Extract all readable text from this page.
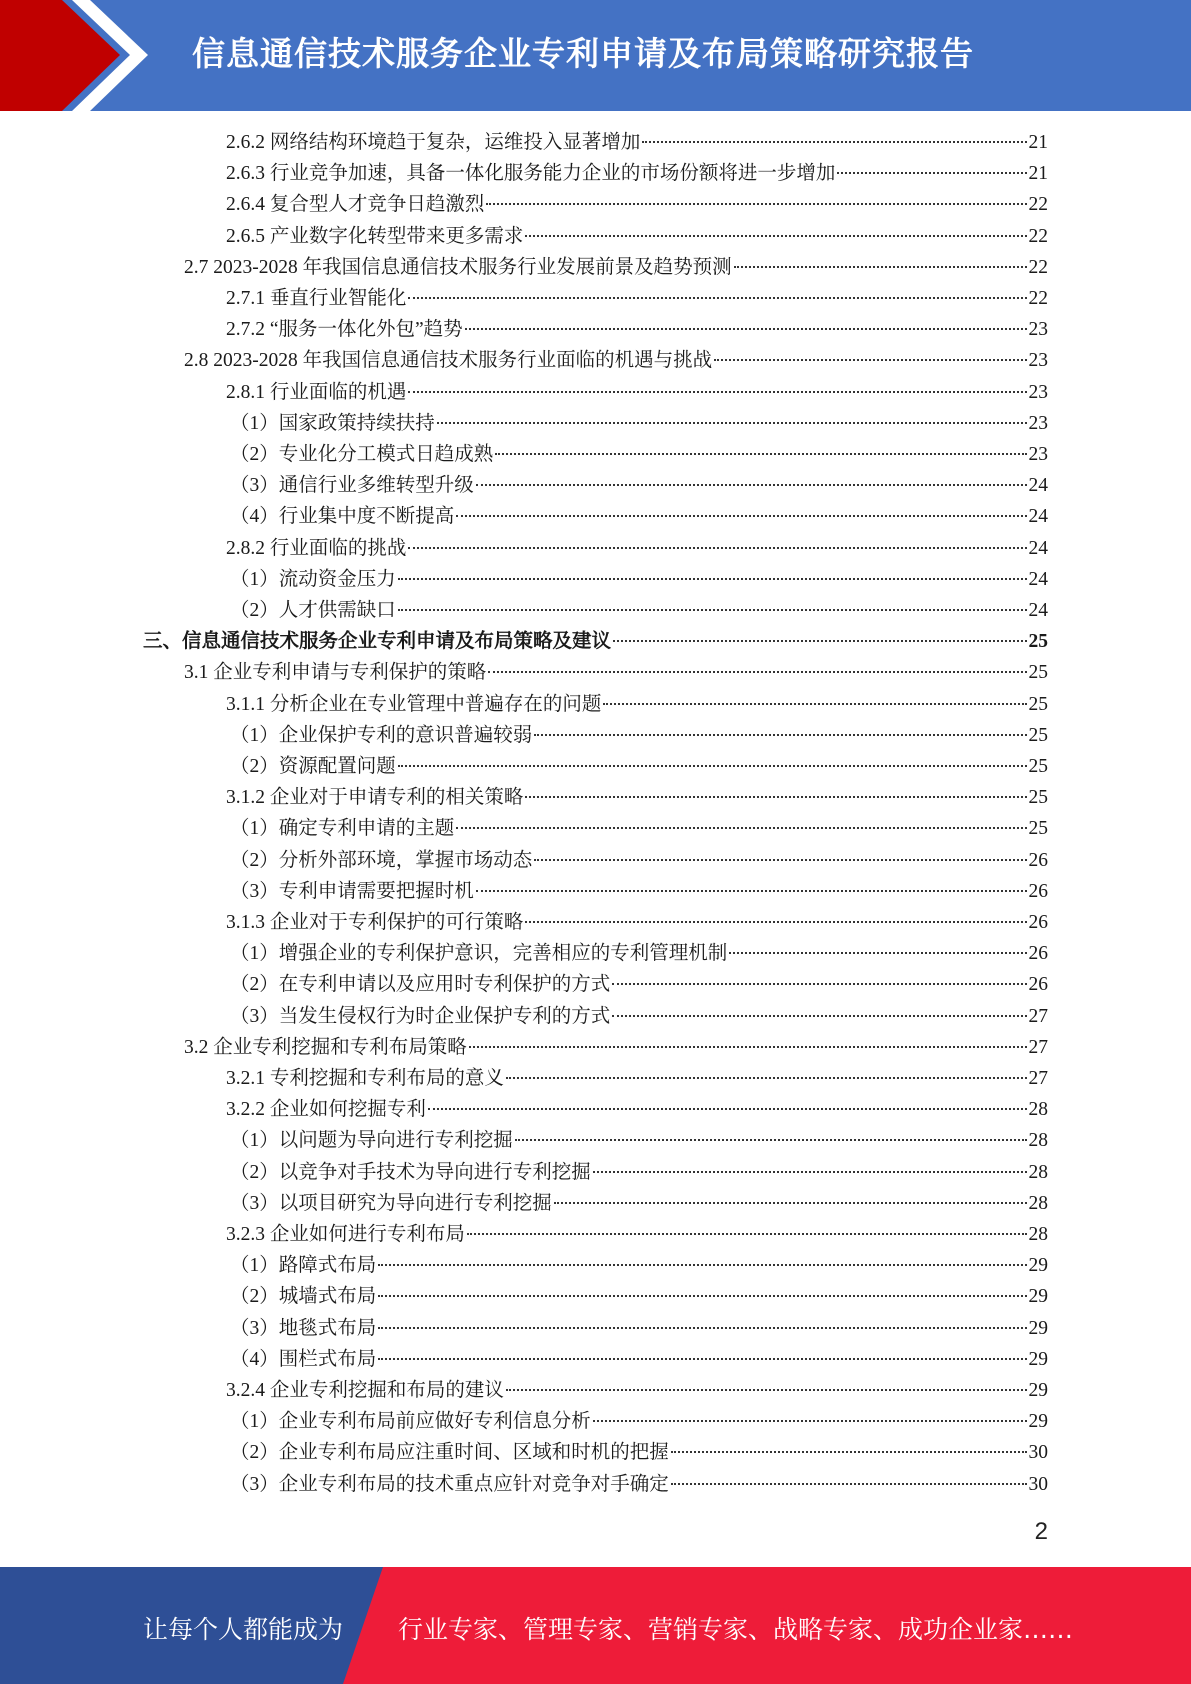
信息通信技术服务企业专利申请及布局策略研究报告
2.6.2 网络结构环境趋于复杂，运维投入显著增加	21
2.6.3 行业竞争加速，具备一体化服务能力企业的市场份额将进一步增加	21
2.6.4 复合型人才竞争日趋激烈	22
2.6.5 产业数字化转型带来更多需求	22
2.7 2023-2028 年我国信息通信技术服务行业发展前景及趋势预测	22
2.7.1 垂直行业智能化	22
2.7.2 “服务一体化外包”趋势	23
2.8 2023-2028 年我国信息通信技术服务行业面临的机遇与挑战	23
2.8.1 行业面临的机遇	23
（1）国家政策持续扶持	23
（2）专业化分工模式日趋成熟	23
（3）通信行业多维转型升级	24
（4）行业集中度不断提高	24
2.8.2 行业面临的挑战	24
（1）流动资金压力	24
（2）人才供需缺口	24
三、信息通信技术服务企业专利申请及布局策略及建议	25
3.1 企业专利申请与专利保护的策略	25
3.1.1 分析企业在专业管理中普遍存在的问题	25
（1）企业保护专利的意识普遍较弱	25
（2）资源配置问题	25
3.1.2 企业对于申请专利的相关策略	25
（1）确定专利申请的主题	25
（2）分析外部环境，掌握市场动态	26
（3）专利申请需要把握时机	26
3.1.3 企业对于专利保护的可行策略	26
（1）增强企业的专利保护意识，完善相应的专利管理机制	26
（2）在专利申请以及应用时专利保护的方式	26
（3）当发生侵权行为时企业保护专利的方式	27
3.2 企业专利挖掘和专利布局策略	27
3.2.1 专利挖掘和专利布局的意义	27
3.2.2 企业如何挖掘专利	28
（1）以问题为导向进行专利挖掘	28
（2）以竞争对手技术为导向进行专利挖掘	28
（3）以项目研究为导向进行专利挖掘	28
3.2.3 企业如何进行专利布局	28
（1）路障式布局	29
（2）城墙式布局	29
（3）地毯式布局	29
（4）围栏式布局	29
3.2.4 企业专利挖掘和布局的建议	29
（1）企业专利布局前应做好专利信息分析	29
（2）企业专利布局应注重时间、区域和时机的把握	30
（3）企业专利布局的技术重点应针对竞争对手确定	30
2
让每个人都能成为 行业专家、管理专家、营销专家、战略专家、成功企业家……
